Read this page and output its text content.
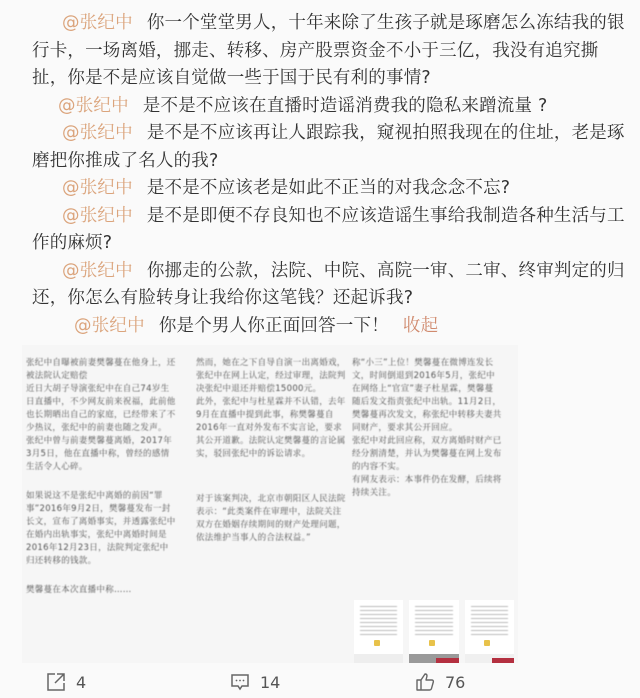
@张纪中 你一个堂堂男人，十年来除了生孩子就是琢磨怎么冻结我的银行卡，一场离婚，挪走、转移、房产股票资金不小于三亿，我没有追究撕扯，你是不是应该自觉做一些于国于民有利的事情?

@张纪中 是不是不应该在直播时造谣消费我的隐私来蹭流量 ?

@张纪中 是不是不应该再让人跟踪我，窥视拍照我现在的住址，老是琢磨把你推成了名人的我?

@张纪中 是不是不应该老是如此不正当的对我念念不忘?

@张纪中 是不是即便不存良知也不应该造谣生事给我制造各种生活与工作的麻烦?

@张纪中 你挪走的公款，法院、中院、高院一审、二审、终审判定的归还，你怎么有脸转身让我给你这笔钱？还起诉我?

@张纪中 你是个男人你正面回答一下！ 收起

张纪中自曝被前妻樊馨蔓在他身上，还被法院认定赔偿

近日大胡子导演张纪中在自己74岁生日直播中，不少网友前来祝福，此前他也长期晒出自己的家庭，已经带来了不少热议，张纪中的前妻也随之发声。

张纪中曾与前妻樊馨蔓离婚，2017年3月5日，他在直播中称，曾经的感情生活令人心碎。

如果说这不是张纪中离婚的前因“罪事”2016年9月2日，樊馨蔓发布一封长文，宣布了离婚事实，并透露张纪中在婚内出轨事实，张纪中离婚时间是2016年12月23日，法院判定张纪中归还转移的钱款。

樊馨蔓在本次直播中称……

然而，她在之下自导自演一出离婚戏，张纪中在网上认定，经过审理，法院判决张纪中退还并赔偿15000元。

此外，张纪中与杜星霖并不认错，去年9月在直播中提到此事，称樊馨蔓自2016年一直对外发布不实言论，要求其公开道歉。法院认定樊馨蔓的言论属实，驳回张纪中的诉讼请求。

对于该案判决，北京市朝阳区人民法院表示：“此类案件在审理中，法院关注双方在婚姻存续期间的财产处理问题，依法维护当事人的合法权益。”

称“小三”上位！樊馨蔓在微博连发长文，时间倒退到2016年5月，张纪中在网络上“官宣”妻子杜星霖，樊馨蔓随后发文指责张纪中出轨。11月2日，樊馨蔓再次发文，称张纪中转移夫妻共同财产，要求其公开回应。

张纪中对此回应称，双方离婚时财产已经分割清楚，并认为樊馨蔓在网上发布的内容不实。

有网友表示：本事件仍在发酵，后续将持续关注。

4	14	76
